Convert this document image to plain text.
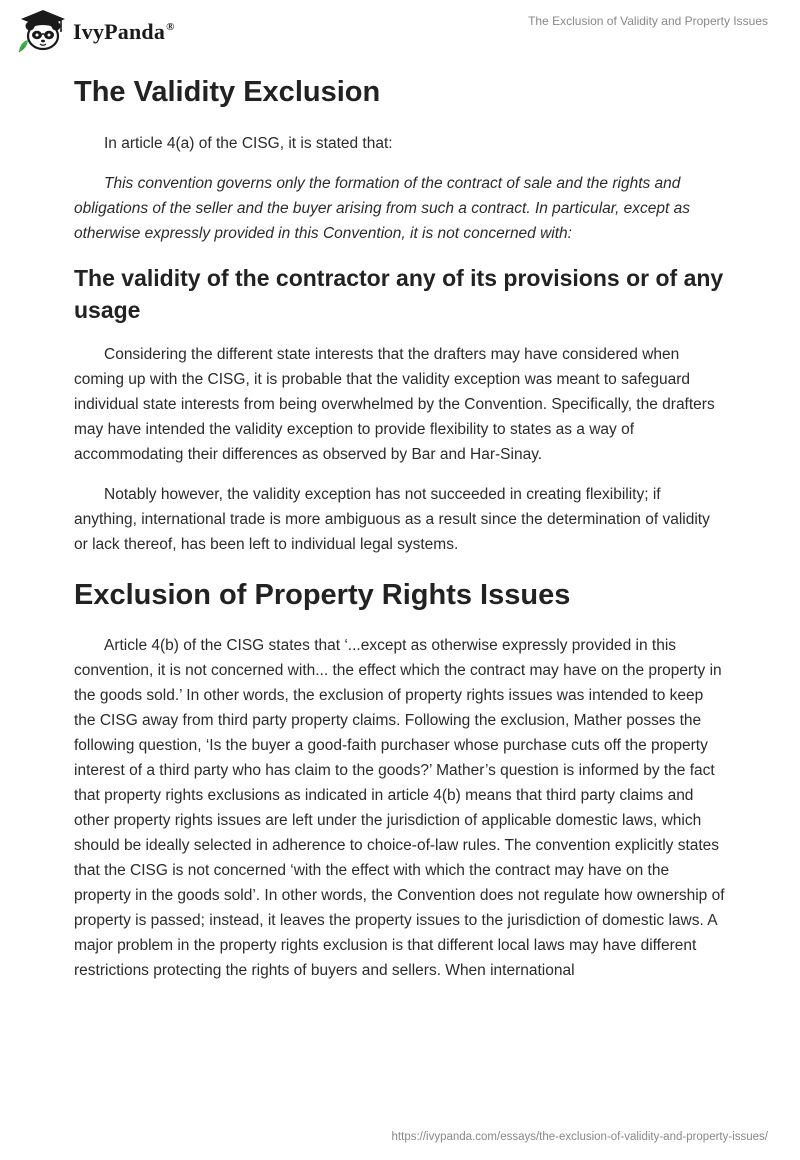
IvyPanda®	The Exclusion of Validity and Property Issues
The Validity Exclusion

In article 4(a) of the CISG, it is stated that:

This convention governs only the formation of the contract of sale and the rights and obligations of the seller and the buyer arising from such a contract. In particular, except as otherwise expressly provided in this Convention, it is not concerned with:

The validity of the contractor any of its provisions or of any usage

Considering the different state interests that the drafters may have considered when coming up with the CISG, it is probable that the validity exception was meant to safeguard individual state interests from being overwhelmed by the Convention. Specifically, the drafters may have intended the validity exception to provide flexibility to states as a way of accommodating their differences as observed by Bar and Har-Sinay.

Notably however, the validity exception has not succeeded in creating flexibility; if anything, international trade is more ambiguous as a result since the determination of validity or lack thereof, has been left to individual legal systems.

Exclusion of Property Rights Issues

Article 4(b) of the CISG states that ‘...except as otherwise expressly provided in this convention, it is not concerned with... the effect which the contract may have on the property in the goods sold.’ In other words, the exclusion of property rights issues was intended to keep the CISG away from third party property claims. Following the exclusion, Mather posses the following question, ‘Is the buyer a good-faith purchaser whose purchase cuts off the property interest of a third party who has claim to the goods?’ Mather’s question is informed by the fact that property rights exclusions as indicated in article 4(b) means that third party claims and other property rights issues are left under the jurisdiction of applicable domestic laws, which should be ideally selected in adherence to choice-of-law rules. The convention explicitly states that the CISG is not concerned ‘with the effect with which the contract may have on the property in the goods sold’. In other words, the Convention does not regulate how ownership of property is passed; instead, it leaves the property issues to the jurisdiction of domestic laws. A major problem in the property rights exclusion is that different local laws may have different restrictions protecting the rights of buyers and sellers. When international

https://ivypanda.com/essays/the-exclusion-of-validity-and-property-issues/
